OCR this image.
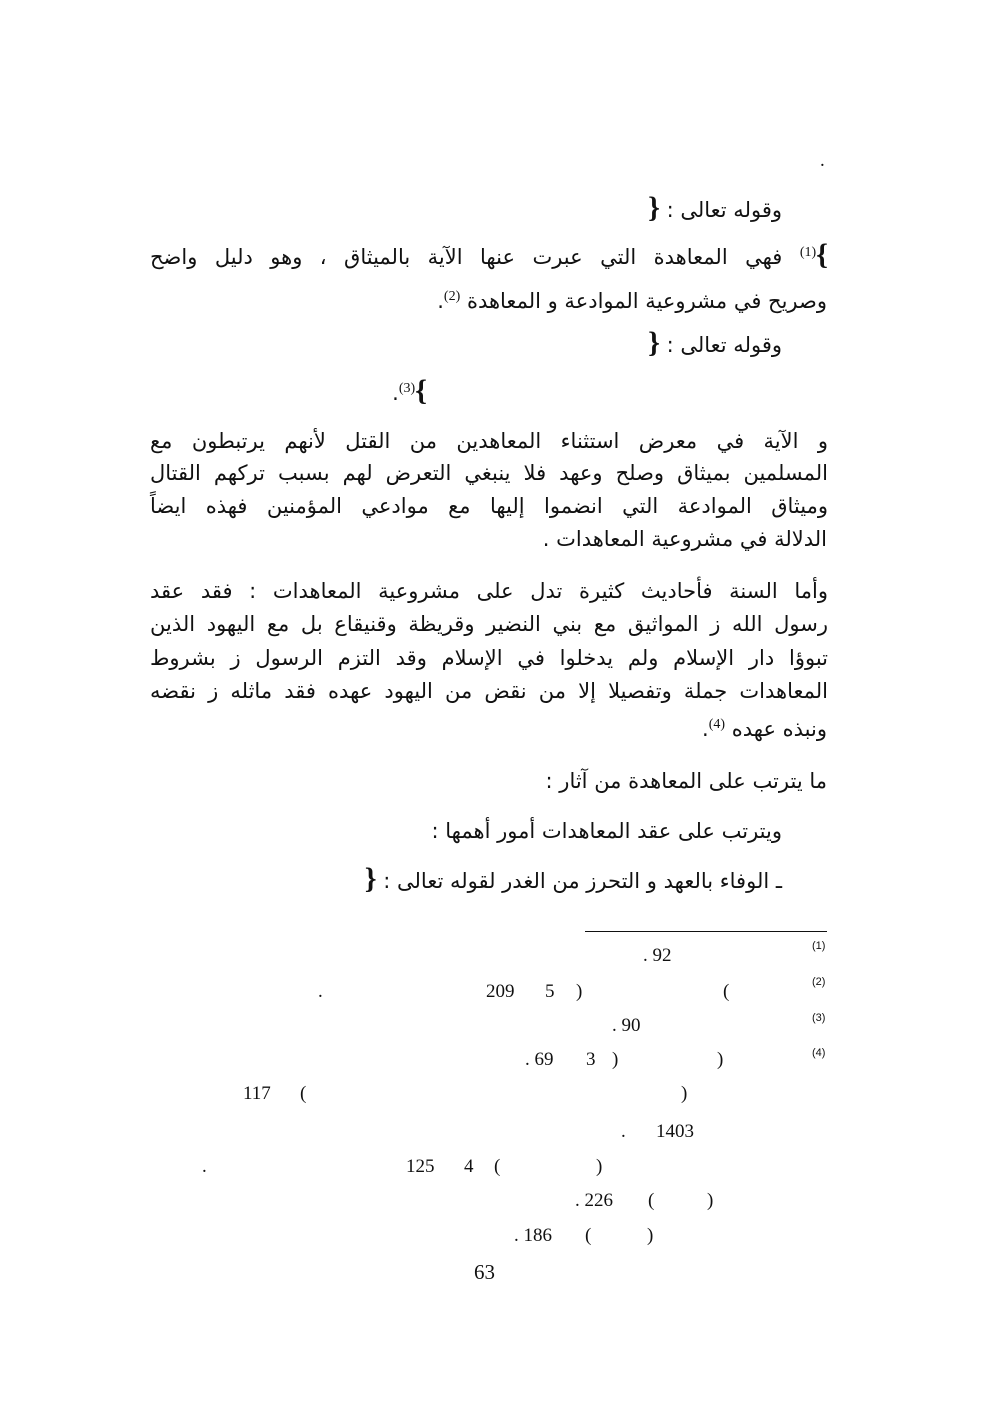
.
وقوله تعالى : {
}$^{(1)}$ فهي المعاهدة التي عبرت عنها الآية بالميثاق ، وهو دليل واضح
وصريح في مشروعية الموادعة و المعاهدة $^{(2)}$.
وقوله تعالى : {
}$^{(3)}$.
و الآية في معرض استثناء المعاهدين من القتل لأنهم يرتبطون مع
المسلمين بميثاق وصلح وعهد فلا ينبغي التعرض لهم بسبب تركهم القتال
وميثاق الموادعة التي انضموا إليها مع موادعي المؤمنين فهذه ايضاً
الدلالة في مشروعية المعاهدات .
وأما السنة فأحاديث كثيرة تدل على مشروعية المعاهدات : فقد عقد
رسول الله ز المواثيق مع بني النضير وقريظة وقنيقاع بل مع اليهود الذين
تبوؤا دار الإسلام ولم يدخلوا في الإسلام وقد التزم الرسول ز بشروط
المعاهدات جملة وتفصيلا إلا من نقض من اليهود عهده فقد ماثله ز نقضه
ونبذه عهده $^{(4)}$.
ما يترتب على المعاهدة من آثار :
ويترتب على عقد المعاهدات أمور أهمها :
ـ الوفاء بالعهد و التحرز من الغدر لقوله تعالى : {
(1)
(2)
(3)
(4)
. 92
(
209 5 )
.
. 90
)
)
3
. 69
)
(
117
1403
.
)
(
4
125
.
)
(
. 226
)
(
. 186
63
